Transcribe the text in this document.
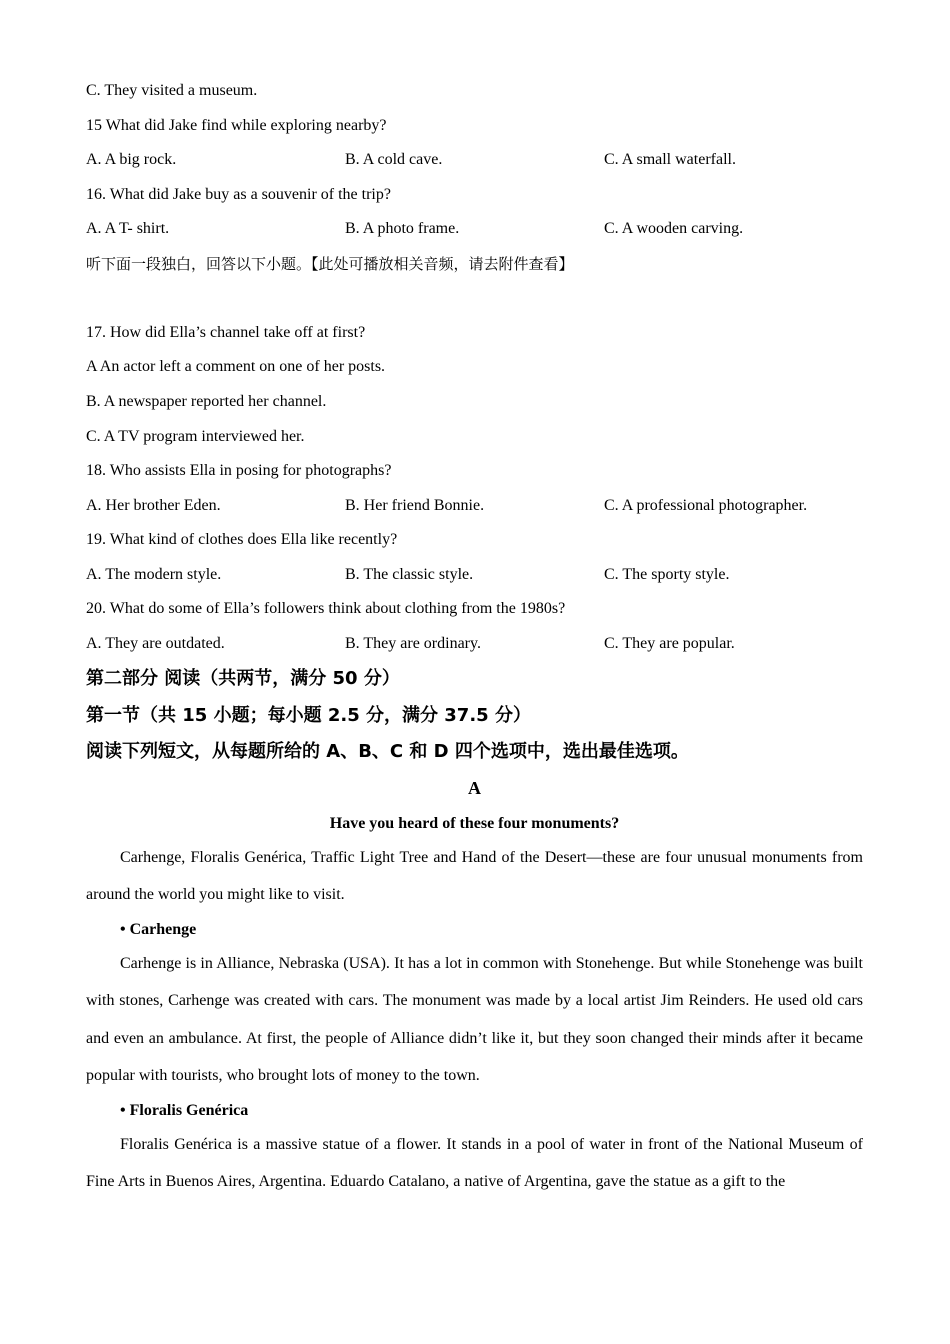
C. They visited a museum.
15 What did Jake find while exploring nearby?
A. A big rock.	B. A cold cave.	C. A small waterfall.
16. What did Jake buy as a souvenir of the trip?
A. A T- shirt.	B. A photo frame.	C. A wooden carving.
听下面一段独白，回答以下小题。【此处可播放相关音频，请去附件查看】
17. How did Ella’s channel take off at first?
A An actor left a comment on one of her posts.
B. A newspaper reported her channel.
C. A TV program interviewed her.
18. Who assists Ella in posing for photographs?
A. Her brother Eden.	B. Her friend Bonnie.	C. A professional photographer.
19. What kind of clothes does Ella like recently?
A. The modern style.	B. The classic style.	C. The sporty style.
20. What do some of Ella’s followers think about clothing from the 1980s?
A. They are outdated.	B. They are ordinary.	C. They are popular.
第二部分 阅读（共两节，满分 50 分）
第一节（共 15 小题；每小题 2.5 分，满分 37.5 分）
阅读下列短文，从每题所给的 A、B、C 和 D 四个选项中，选出最佳选项。
A
Have you heard of these four monuments?
Carhenge, Floralis Genérica, Traffic Light Tree and Hand of the Desert—these are four unusual monuments from around the world you might like to visit.
• Carhenge
Carhenge is in Alliance, Nebraska (USA). It has a lot in common with Stonehenge. But while Stonehenge was built with stones, Carhenge was created with cars. The monument was made by a local artist Jim Reinders. He used old cars and even an ambulance. At first, the people of Alliance didn’t like it, but they soon changed their minds after it became popular with tourists, who brought lots of money to the town.
• Floralis Genérica
Floralis Genérica is a massive statue of a flower. It stands in a pool of water in front of the National Museum of Fine Arts in Buenos Aires, Argentina. Eduardo Catalano, a native of Argentina, gave the statue as a gift to the
